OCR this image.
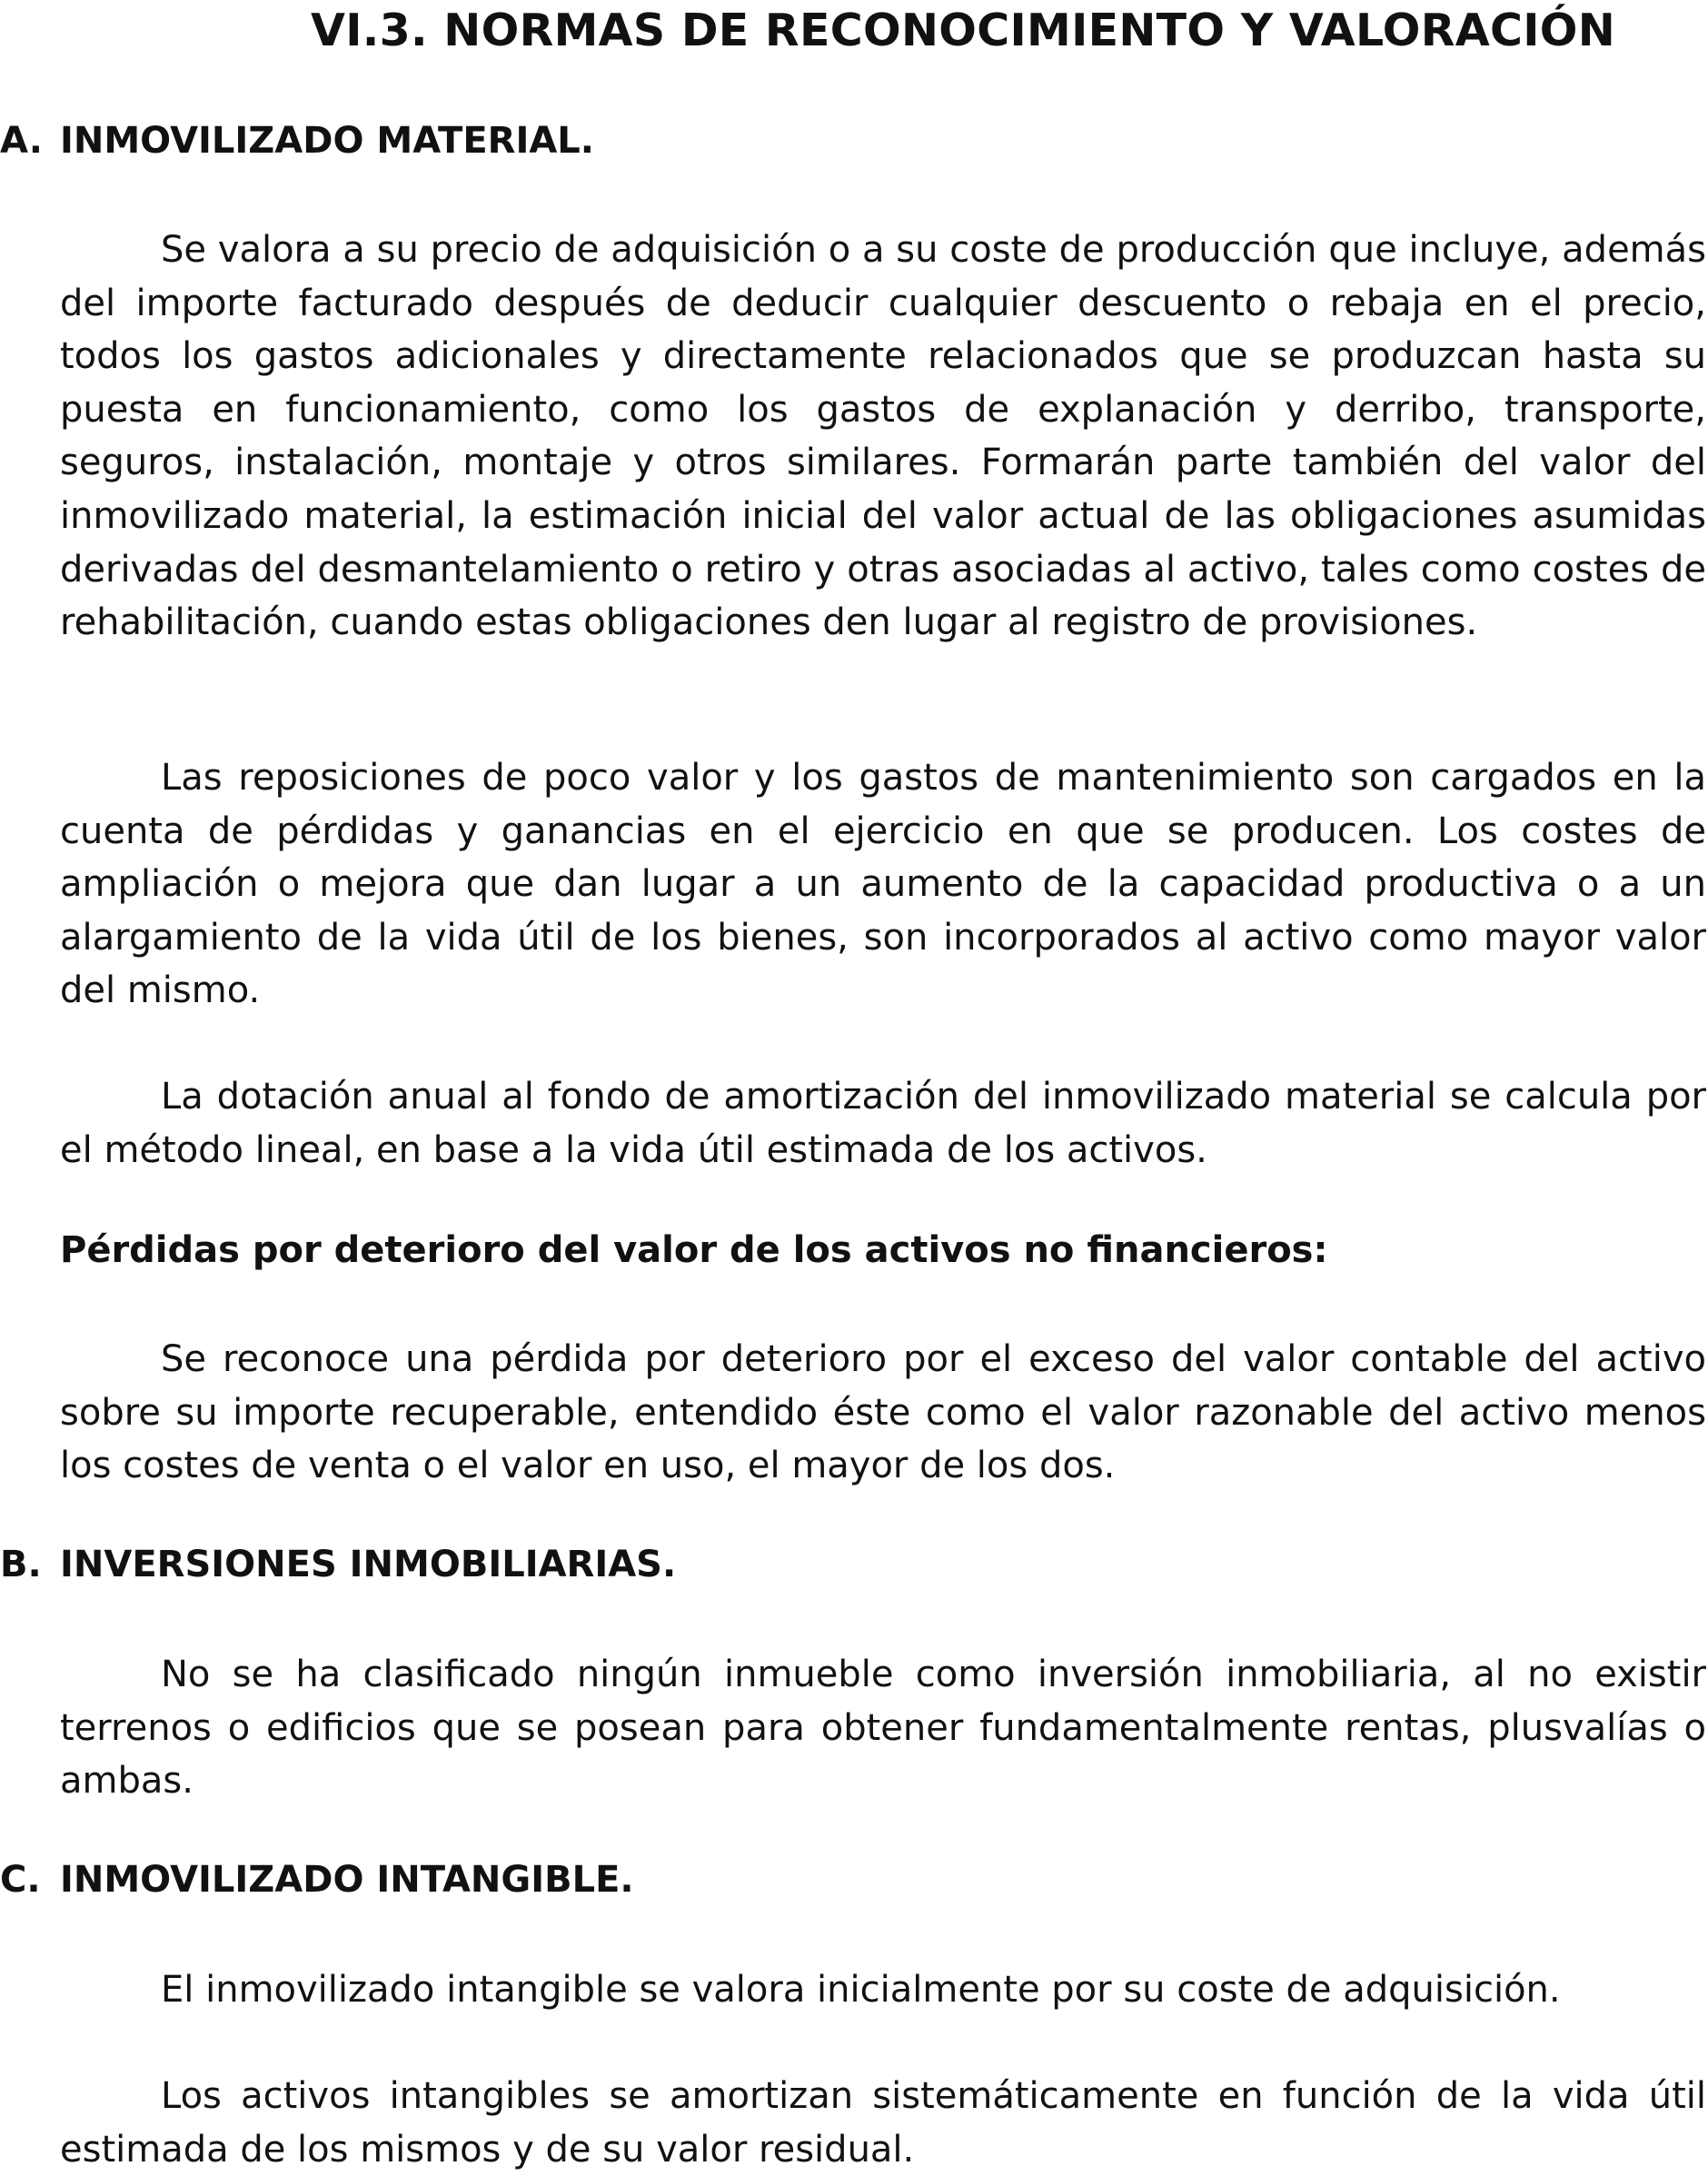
VI.3. NORMAS DE RECONOCIMIENTO Y VALORACIÓN
A. INMOVILIZADO MATERIAL.

Se valora a su precio de adquisición o a su coste de producción que incluye, además del importe facturado después de deducir cualquier descuento o rebaja en el precio, todos los gastos adicionales y directamente relacionados que se produzcan hasta su puesta en funcionamiento, como los gastos de explanación y derribo, transporte, seguros, instalación, montaje y otros similares. Formarán parte también del valor del inmovilizado material, la estimación inicial del valor actual de las obligaciones asumidas derivadas del desmantelamiento o retiro y otras asociadas al activo, tales como costes de rehabilitación, cuando estas obligaciones den lugar al registro de provisiones.

Las reposiciones de poco valor y los gastos de mantenimiento son cargados en la cuenta de pérdidas y ganancias en el ejercicio en que se producen. Los costes de ampliación o mejora que dan lugar a un aumento de la capacidad productiva o a un alargamiento de la vida útil de los bienes, son incorporados al activo como mayor valor del mismo.

La dotación anual al fondo de amortización del inmovilizado material se calcula por el método lineal, en base a la vida útil estimada de los activos.

Pérdidas por deterioro del valor de los activos no financieros:

Se reconoce una pérdida por deterioro por el exceso del valor contable del activo sobre su importe recuperable, entendido éste como el valor razonable del activo menos los costes de venta o el valor en uso, el mayor de los dos.

B. INVERSIONES INMOBILIARIAS.

No se ha clasificado ningún inmueble como inversión inmobiliaria, al no existir terrenos o edificios que se posean para obtener fundamentalmente rentas, plusvalías o ambas.

C. INMOVILIZADO INTANGIBLE.

El inmovilizado intangible se valora inicialmente por su coste de adquisición.

Los activos intangibles se amortizan sistemáticamente en función de la vida útil estimada de los mismos y de su valor residual.
